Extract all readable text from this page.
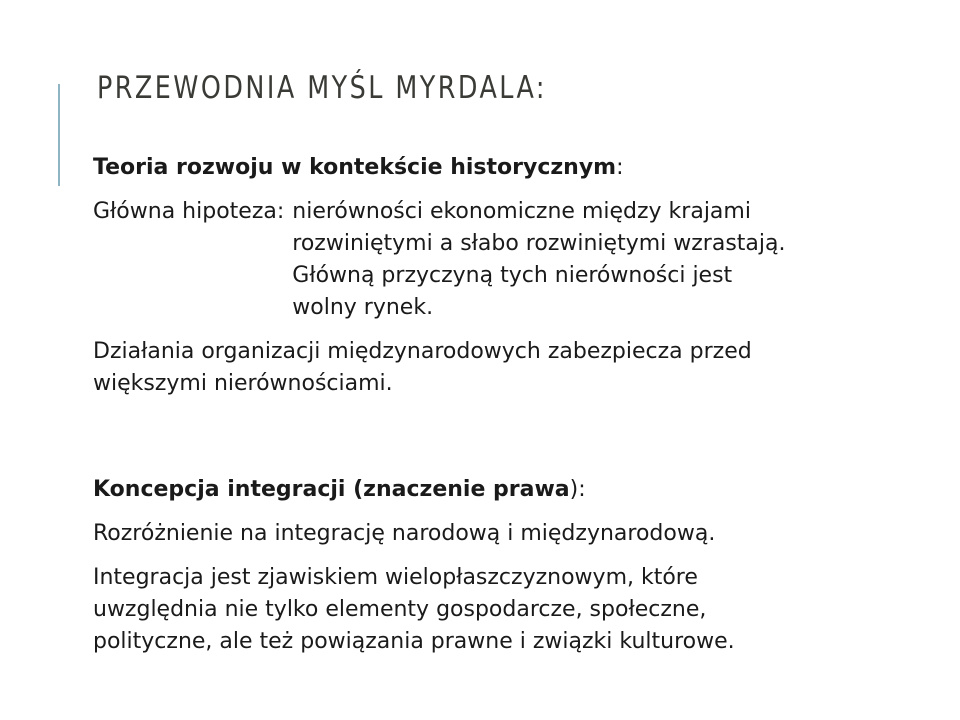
PRZEWODNIA MYŚL MYRDALA:

Teoria rozwoju w kontekście historycznym:

Główna hipoteza: nierówności ekonomiczne między krajami
rozwiniętymi a słabo rozwiniętymi wzrastają.
Główną przyczyną tych nierówności jest
wolny rynek.
Działania organizacji międzynarodowych zabezpiecza przed
większymi nierównościami.

Koncepcja integracji (znaczenie prawa):

Rozróżnienie na integrację narodową i międzynarodową.

Integracja jest zjawiskiem wielopłaszczyznowym, które
uwzględnia nie tylko elementy gospodarcze, społeczne,
polityczne, ale też powiązania prawne i związki kulturowe.
